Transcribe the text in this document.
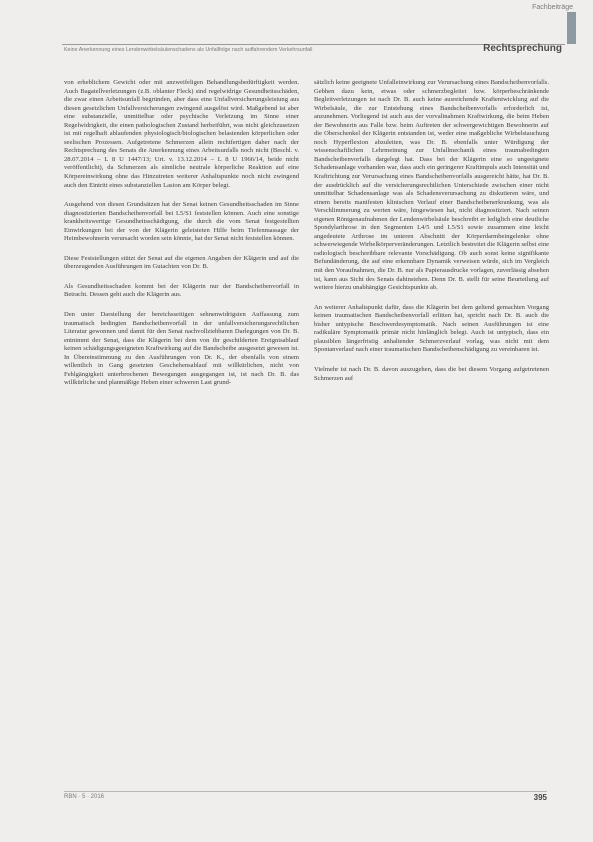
Fachbeiträge
Keine Anerkennung eines Lendenwirbelsäulenschadens als Unfallfolge nach auffahrendem Verkehrsunfall	Rechtsprechung

von erheblichem Gewicht oder mit anzweifeligen Behandlungsbedürftigkeit werden. Auch Bagatellverletzungen (z.B. oblanter Fleck) sind regelwidrige Gesundheitsschäden, die zwar einen Arbeitsunfall begründen, aber dass eine Unfallversicherungsleistung aus diesen gesetzlichen Unfallversicherungen zwingend ausgelöst wird. Maßgebend ist aber eine substanzielle, unmittelbar oder psychische Verletzung im Sinne einer Regelwidrigkeit, die einen pathologischen Zustand herbeiführt, was nicht gleichzusetzen ist mit regelhaft ablaufenden physiologisch/biologischen belastenden körperlichen oder seelischen Prozessen. Aufgetretene Schmerzen allein rechtfertigen daher nach der Rechtsprechung des Senats die Anerkennung eines Arbeitsunfalls noch nicht (Beschl. v. 28.07.2014 – L 8 U 1447/13; Urt. v. 13.12.2014 – L 8 U 1966/14, beide nicht veröffentlicht), da Schmerzen als sinnliche neutrale körperliche Reaktion auf eine Körpereinwirkung ohne das Hinzutreten weiterer Anhaltspunkte noch nicht zwingend auch den Eintritt eines substanziellen Lasion am Körper belegt.

Ausgehend von diesen Grundsätzen hat der Senat keinen Gesundheitsschaden im Sinne diagnostizierten Bandscheibenvorfall bei L5/S1 feststellen können. Auch eine sonstige krankheitswertige Gesundheitsschädigung, die durch die vom Senat festgestellten Einwirkungen bei der von der Klägerin geleisteten Hilfe beim Tiefenmassage der Heimbewohnerin verursacht worden sein könnte, hat der Senat nicht feststellen können.

Diese Feststellungen stützt der Senat auf die eigenen Angaben der Klägerin und auf die überzeugenden Ausführungen im Gutachten von Dr. B.

Als Gesundheitsschaden kommt bei der Klägerin nur der Bandscheibenvorfall in Betracht. Dessen geht auch die Klägerin aus.

Den unter Darstellung der bereichsseitigen sehnenwidrigsten Auffassung zum traumatisch bedingten Bandscheibenvorfall in der unfallversicherungsrechtlichen Literatur gewonnen und damit für den Senat nachvollziehbaren Darlegungen von Dr. B. entnimmt der Senat, dass die Klägerin bei dem von ihr geschilderten Ereignisablauf keinen schädigungsgeeigneten Kraftwirkung auf die Bandscheibe ausgesetzt gewesen ist. In Übereinstimmung zu den Ausführungen von Dr. K., der ebenfalls von einem willentlich in Gang gesetzten Geschehensablauf mit willkürlichen, nicht von Fehlgängigkeit unterbrochenen Bewegungen ausgegangen ist, ist nach Dr. B. das willkürliche und planmäßige Heben einer schweren Last grund-

sätzlich keine geeignete Unfalleinwirkung zur Verursachung eines Bandscheibenvorfalls. Gebhen dazu kein, etwas oder schmerzbegleitet bzw. körperbeschränkende Begleitverletzungen ist nach Dr. B. auch keine ausreichende Kraftentwicklung auf die Wirbelsäule, die zur Entstehung eines Bandscheibenvorfalls erforderlich ist, anzunehmen. Vorliegend ist auch aus der vorvalinahmen Kraftwirkung, die beim Heben der Bewohnerin aus Falle bzw. beim Auftreten der schwergewichtigen Bewohnerin auf die Oberschenkel der Klägerin entstanden ist, weder eine maßgebliche Wirbelstauchung noch Hyperflexion abzuleiten, was Dr. B. ebenfalls unter Würdigung der wissenschaftlichen Lehrmeinung zur Unfallmechanik eines traumabedingten Bandscheibenvorfalls dargelegt hat. Dass bei der Klägerin eine so ungeeignete Schadensanlage vorhanden war, dass auch ein geringerer Kraftimpuls auch Intensität und Kraftrichtung zur Verursachung eines Bandscheibenvorfalls ausgereicht hätte, hat Dr. B. der ausdrücklich auf die versicherungsrechtlichen Unterschiede zwischen einer nicht unmittelbar Schadensanlage was als Schadensverursachung zu diskutieren wäre, und einem bereits manifesten klinischen Verlauf einer Bandscheibenerkrankung, was als Verschlimmerung zu werten wäre, hingewiesen hat, nicht diagnostiziert. Nach seinen eigenen Röntgenaufnahmen der Lendenwirbelsäule beschreibt er lediglich eine deutliche Spondylarthrose in den Segmenten L4/5 und L5/S1 sowie zusammen eine leicht angedeutete Arthrose im unteren Abschnitt der Körperdarmbeingelenke ohne schwerwiegende Wirbelkörperveränderungen. Letztlich bestreitet die Klägerin selbst eine radiologisch beschreibbare relevante Vorschädigung. Ob auch sonst keine signifikante Befundänderung, die auf eine erkennbare Dynamik verweisen würde, sich im Vergleich mit den Voraufnahmen, die Dr. B. nur als Papierausdrucke vorlagen, zuverlässig absehen ist, kann aus Sicht des Senats dahinstehen. Denn Dr. B. stellt für seine Beurteilung auf weitere hierzu unabhängige Gesichtspunkte ab.

An weiterer Anhaltspunkt dafür, dass die Klägerin bei dem geltend gemachten Vorgang keinen traumatischen Bandscheibenvorfall erlitten hat, spricht nach Dr. B. auch die bisher untypische Beschwerdesymptomatik. Nach seinen Ausführungen ist eine radikuläre Symptomatik primär nicht hinlänglich belegt. Auch ist untypisch, dass ein plausiblen längerfristig anhaltender Schmerzverlauf vorlag, was nicht mit dem Spontanverlauf nach einer traumatischen Bandscheibenschädigung zu vereinbaren ist.

Vielmehr ist nach Dr. B. davon auszugehen, dass die bei diesem Vorgang aufgetretenen Schmerzen auf

RBN · 5 · 2016	395
